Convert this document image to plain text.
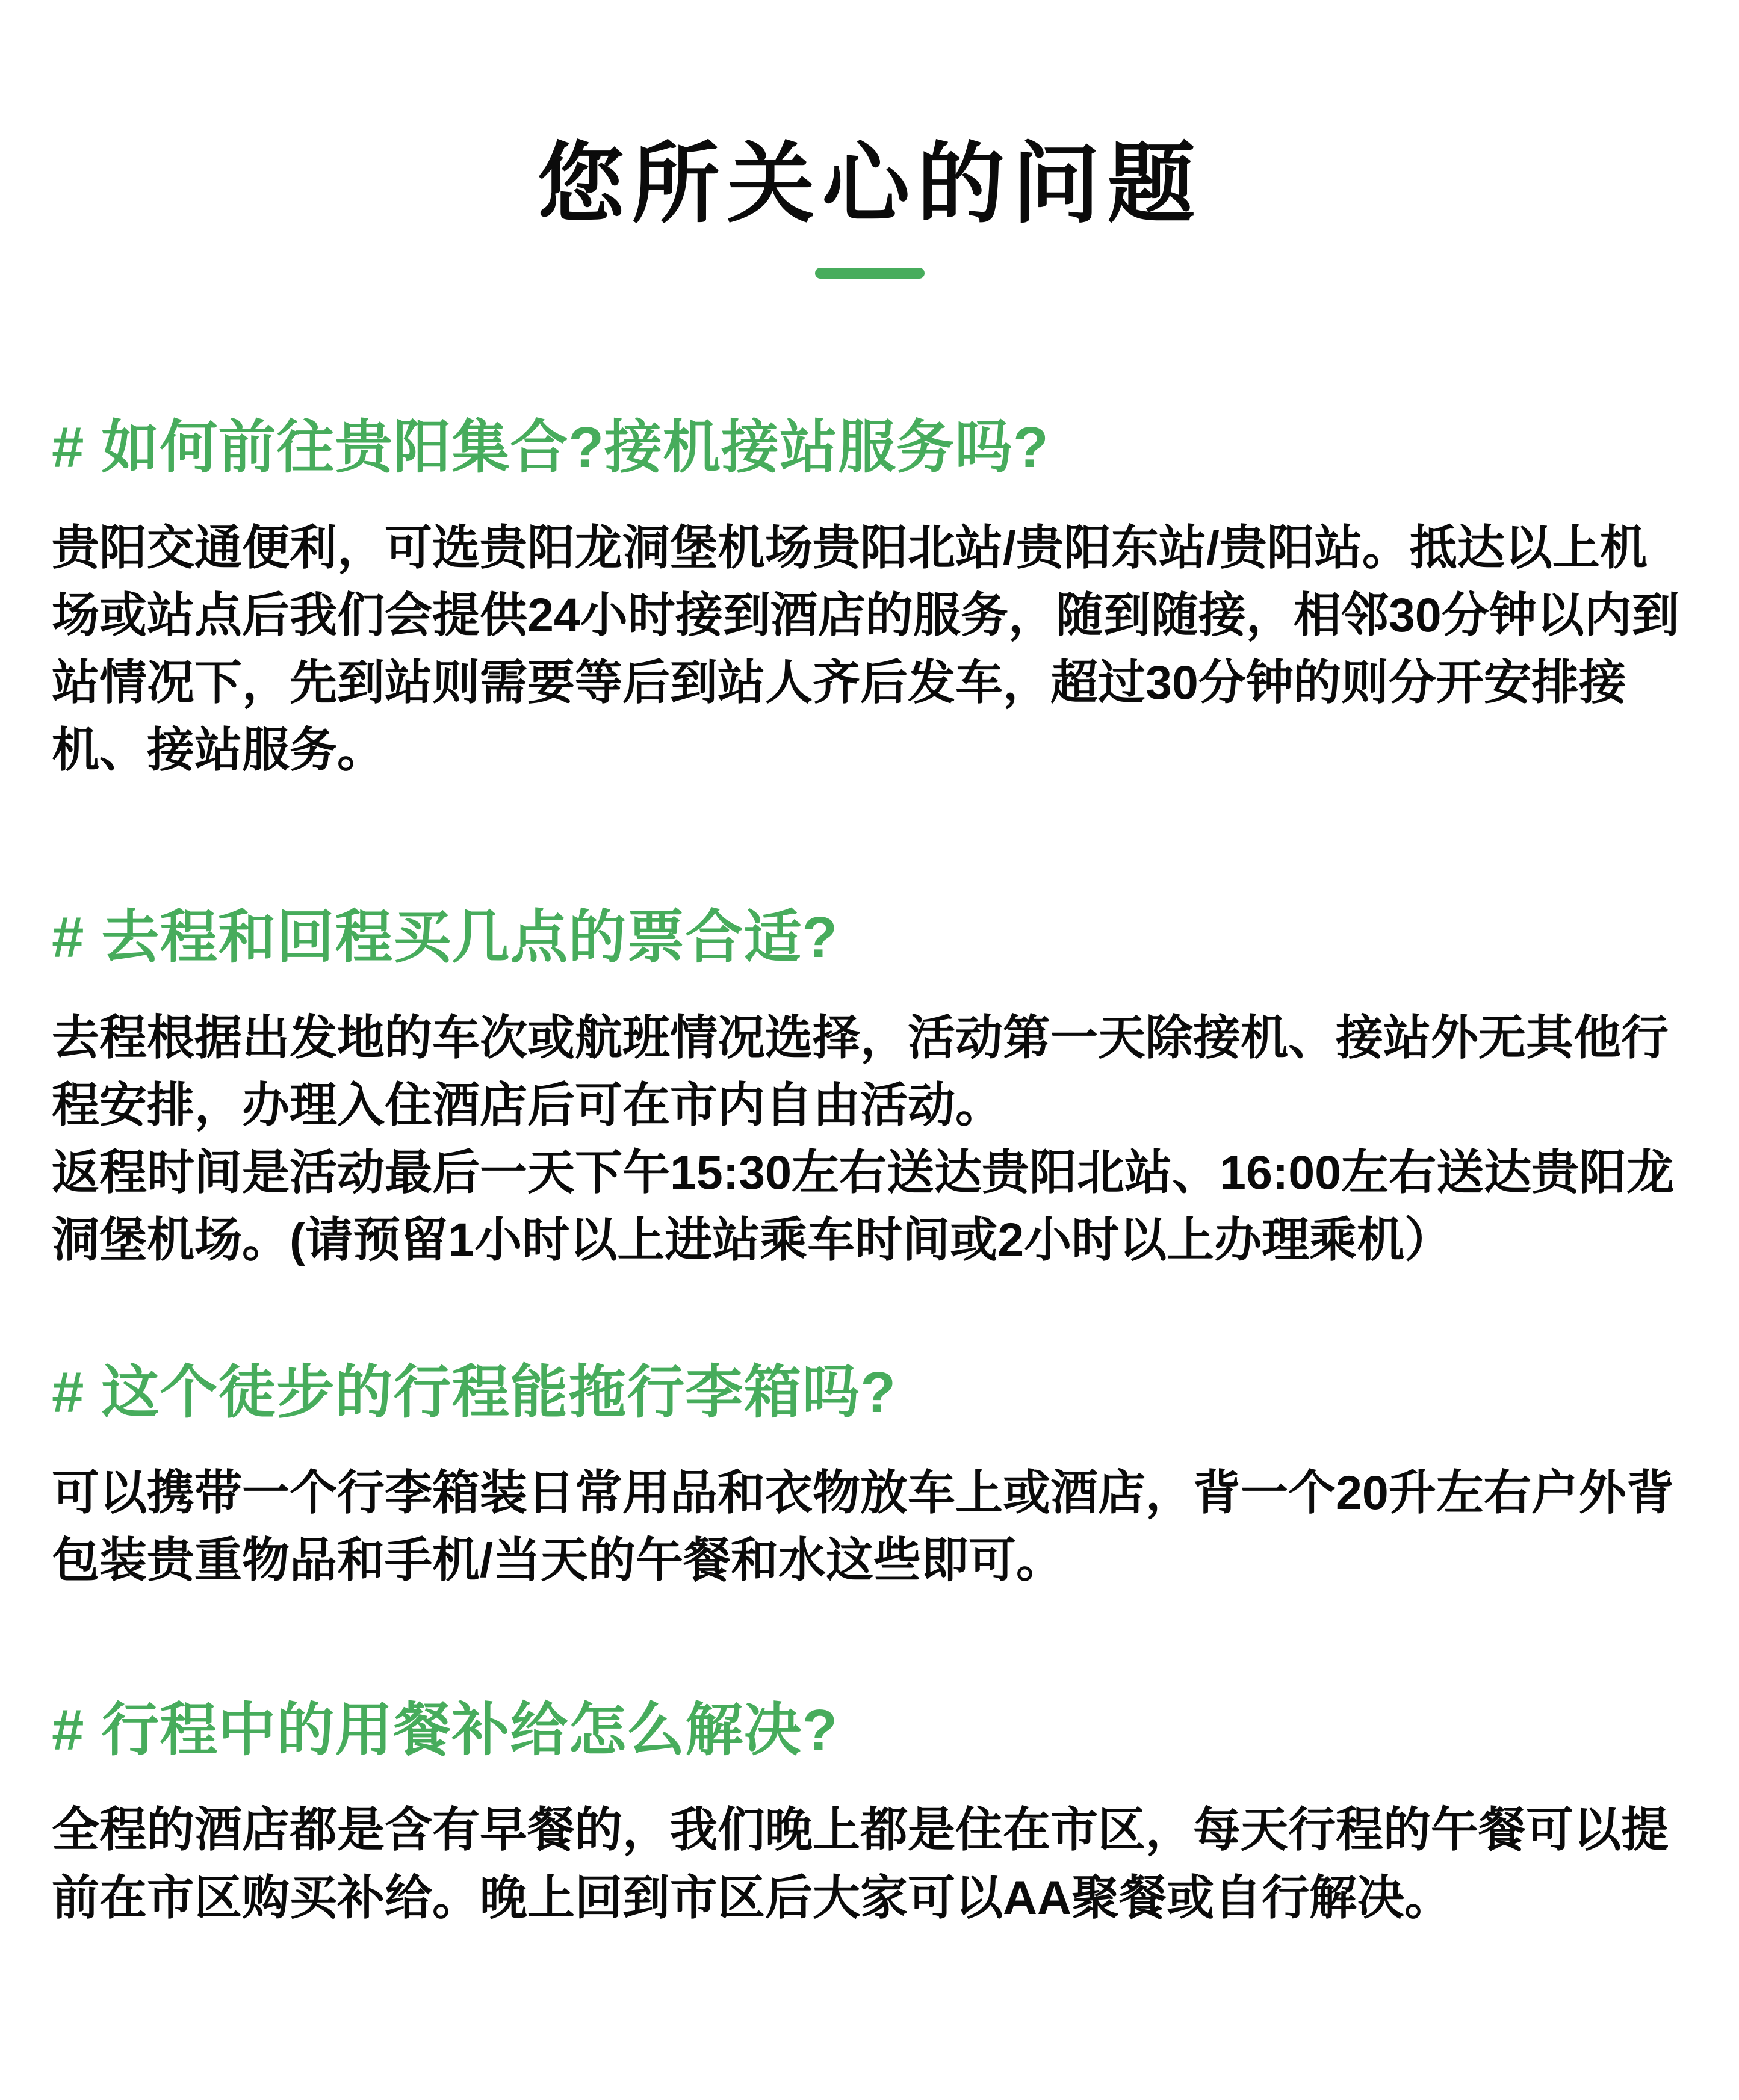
您所关心的问题
# 如何前往贵阳集合?接机接站服务吗?

贵阳交通便利，可选贵阳龙洞堡机场贵阳北站/贵阳东站/贵阳站。抵达以上机场或站点后我们会提供24小时接到酒店的服务，随到随接，相邻30分钟以内到站情况下，先到站则需要等后到站人齐后发车，超过30分钟的则分开安排接机、接站服务。

# 去程和回程买几点的票合适?

去程根据出发地的车次或航班情况选择，活动第一天除接机、接站外无其他行程安排，办理入住酒店后可在市内自由活动。

返程时间是活动最后一天下午15:30左右送达贵阳北站、16:00左右送达贵阳龙洞堡机场。(请预留1小时以上进站乘车时间或2小时以上办理乘机）

# 这个徒步的行程能拖行李箱吗?

可以携带一个行李箱装日常用品和衣物放车上或酒店，背一个20升左右户外背包装贵重物品和手机/当天的午餐和水这些即可。

# 行程中的用餐补给怎么解决?

全程的酒店都是含有早餐的，我们晚上都是住在市区，每天行程的午餐可以提前在市区购买补给。晚上回到市区后大家可以AA聚餐或自行解决。
